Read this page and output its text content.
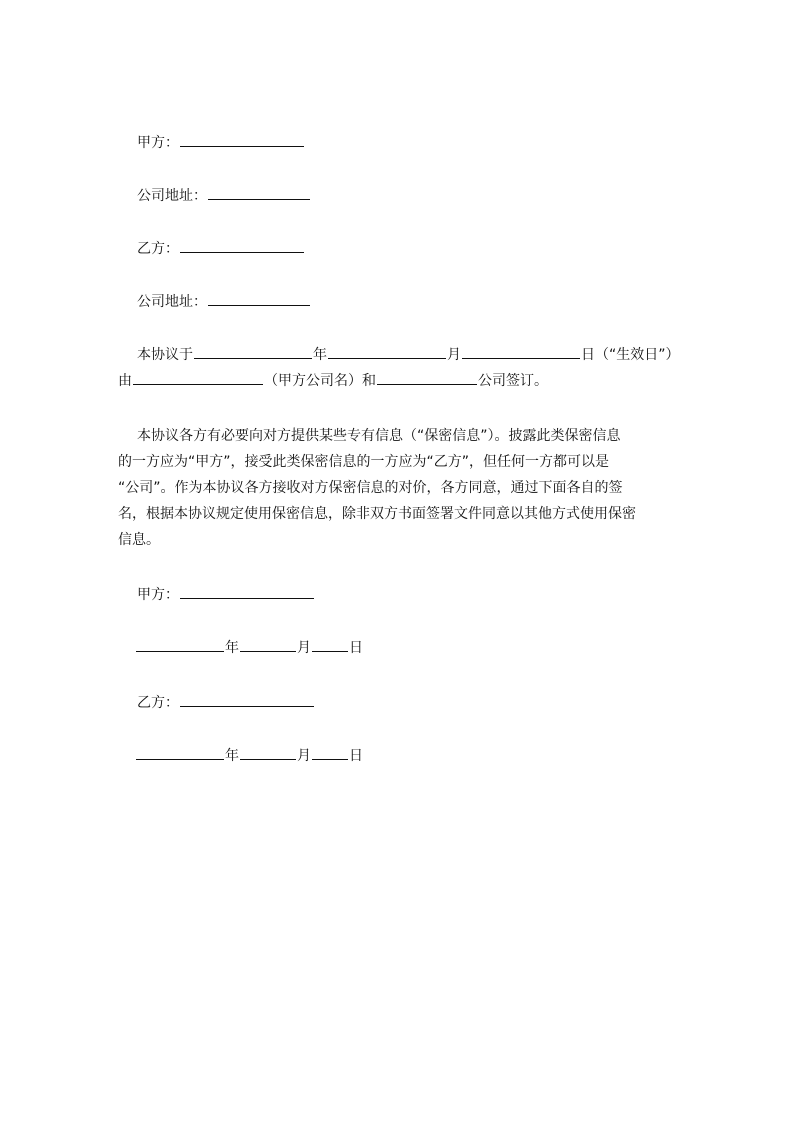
甲方：
公司地址：
乙方：
公司地址：
本协议于	年	月	日（“生效日”）
由	（甲方公司名）和	公司签订。
本协议各方有必要向对方提供某些专有信息（“保密信息”）。披露此类保密信息
的一方应为“甲方”，接受此类保密信息的一方应为“乙方”，但任何一方都可以是
“公司”。作为本协议各方接收对方保密信息的对价，各方同意，通过下面各自的签
名，根据本协议规定使用保密信息，除非双方书面签署文件同意以其他方式使用保密
信息。
甲方：
年	月	日
乙方：
年	月	日
